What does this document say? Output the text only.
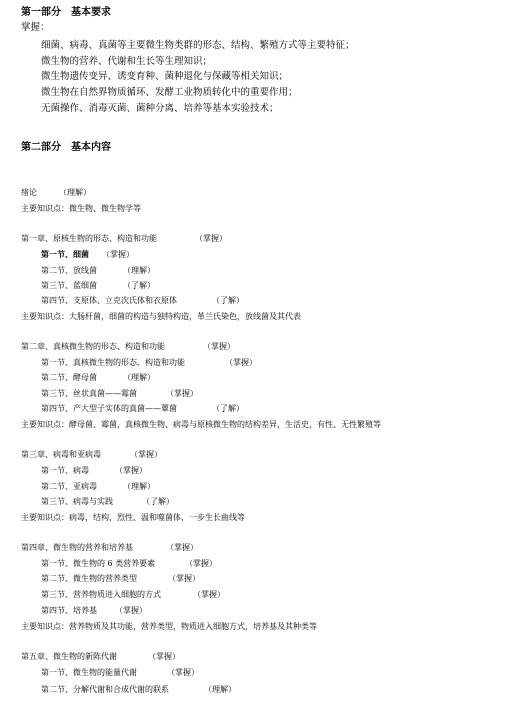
第一部分　基本要求
掌握：
细菌、病毒、真菌等主要微生物类群的形态、结构、繁殖方式等主要特征；
微生物的营养、代谢和生长等生理知识；
微生物遗传变异、诱变育种、菌种退化与保藏等相关知识；
微生物在自然界物质循环、发酵工业物质转化中的重要作用；
无菌操作、消毒灭菌、菌种分离、培养等基本实验技术；
第二部分　基本内容
绪论	（理解）
主要知识点：微生物、微生物学等
第一章、原核生物的形态、构造和功能	（掌握）
第一节、细菌 （掌握）
第二节、放线菌	（理解）
第三节、蓝细菌	（了解）
第四节、支原体、立克次氏体和衣原体	（了解）
主要知识点：大肠杆菌，细菌的构造与独特构造，革兰氏染色，放线菌及其代表
第二章、真核微生物的形态、构造和功能	（掌握）
第一节、真核微生物的形态、构造和功能	（掌握）
第二节、酵母菌	（理解）
第三节、丝状真菌——霉菌	（掌握）
第四节、产大型子实体的真菌——蕈菌	（了解）
主要知识点：酵母菌、霉菌，真核微生物、病毒与原核微生物的结构差异，生活史，有性、无性繁殖等
第三章、病毒和亚病毒	（掌握）
第一节、病毒	（掌握）
第二节、亚病毒	（理解）
第三节、病毒与实践	（了解）
主要知识点：病毒，结构，烈性、温和噬菌体，一步生长曲线等
第四章、微生物的营养和培养基	（掌握）
第一节、微生物的 6 类营养要素	（掌握）
第二节、微生物的营养类型	（掌握）
第三节、营养物质进入细胞的方式	（掌握）
第四节、培养基 （掌握）
主要知识点：营养物质及其功能，营养类型，物质进入细胞方式，培养基及其种类等
第五章、微生物的新陈代谢	（掌握）
第一节、微生物的能量代谢	（掌握）
第二节、分解代谢和合成代谢的联系	（理解）
